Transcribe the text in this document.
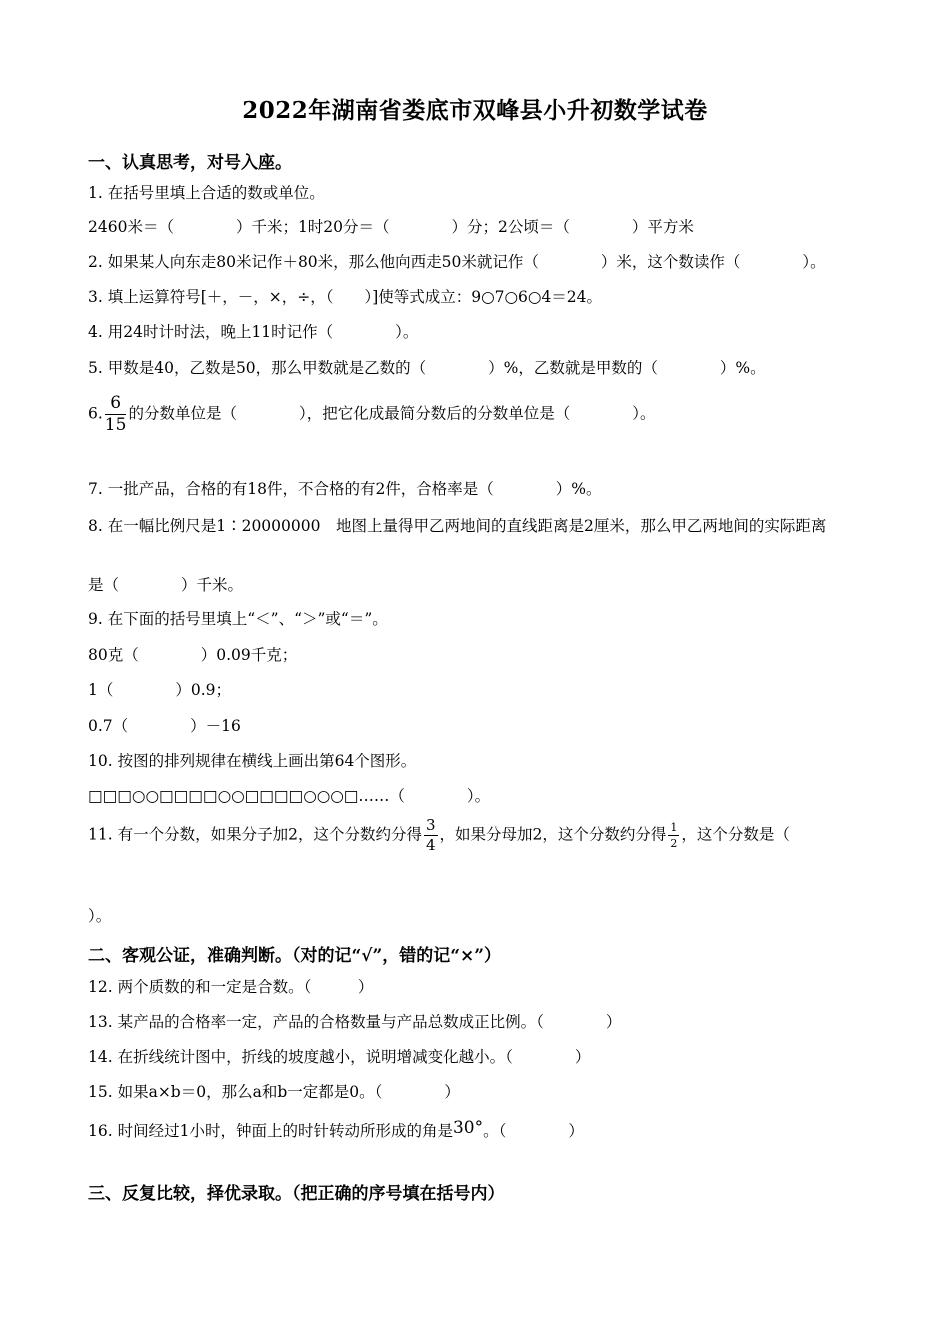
2022年湖南省娄底市双峰县小升初数学试卷
一、认真思考，对号入座。
1. 在括号里填上合适的数或单位。
2460米＝（　　　　）千米；1时20分＝（　　　　）分；2公顷＝（　　　　）平方米
2. 如果某人向东走80米记作＋80米，那么他向西走50米就记作（　　　　）米，这个数读作（　　　　）。
3. 填上运算符号[＋，－，×，÷，（　　）]使等式成立：9○7○6○4＝24。
4. 用24时计时法，晚上11时记作（　　　　）。
5. 甲数是40，乙数是50，那么甲数就是乙数的（　　　　）%，乙数就是甲数的（　　　　）%。
6. $\frac{6}{15}$ 的分数单位是（　　　　），把它化成最简分数后的分数单位是（　　　　）。
7. 一批产品，合格的有18件，不合格的有2件，合格率是（　　　　）%。
8. 在一幅比例尺是1∶20000000　地图上量得甲乙两地间的直线距离是2厘米，那么甲乙两地间的实际距离
是（　　　　）千米。
9. 在下面的括号里填上“＜”、“＞”或“＝”。
80克（　　　　）0.09千克；
1（　　　　）0.9；
0.7（　　　　）－16
10. 按图的排列规律在横线上画出第64个图形。
□□□○○□□□□○○□□□□○○○□……（　　　　）。
11. 有一个分数，如果分子加2，这个分数约分得 $\frac{3}{4}$ ，如果分母加2，这个分数约分得 $\frac{1}{2}$ ，这个分数是（
）。
二、客观公证，准确判断。（对的记“√”，错的记“×”）
12. 两个质数的和一定是合数。（　　　）
13. 某产品的合格率一定，产品的合格数量与产品总数成正比例。（　　　　）
14. 在折线统计图中，折线的坡度越小，说明增减变化越小。（　　　　）
15. 如果a×b＝0，那么a和b一定都是0。（　　　　）
16. 时间经过1小时，钟面上的时针转动所形成的角是30°。（　　　　）
三、反复比较，择优录取。（把正确的序号填在括号内）
